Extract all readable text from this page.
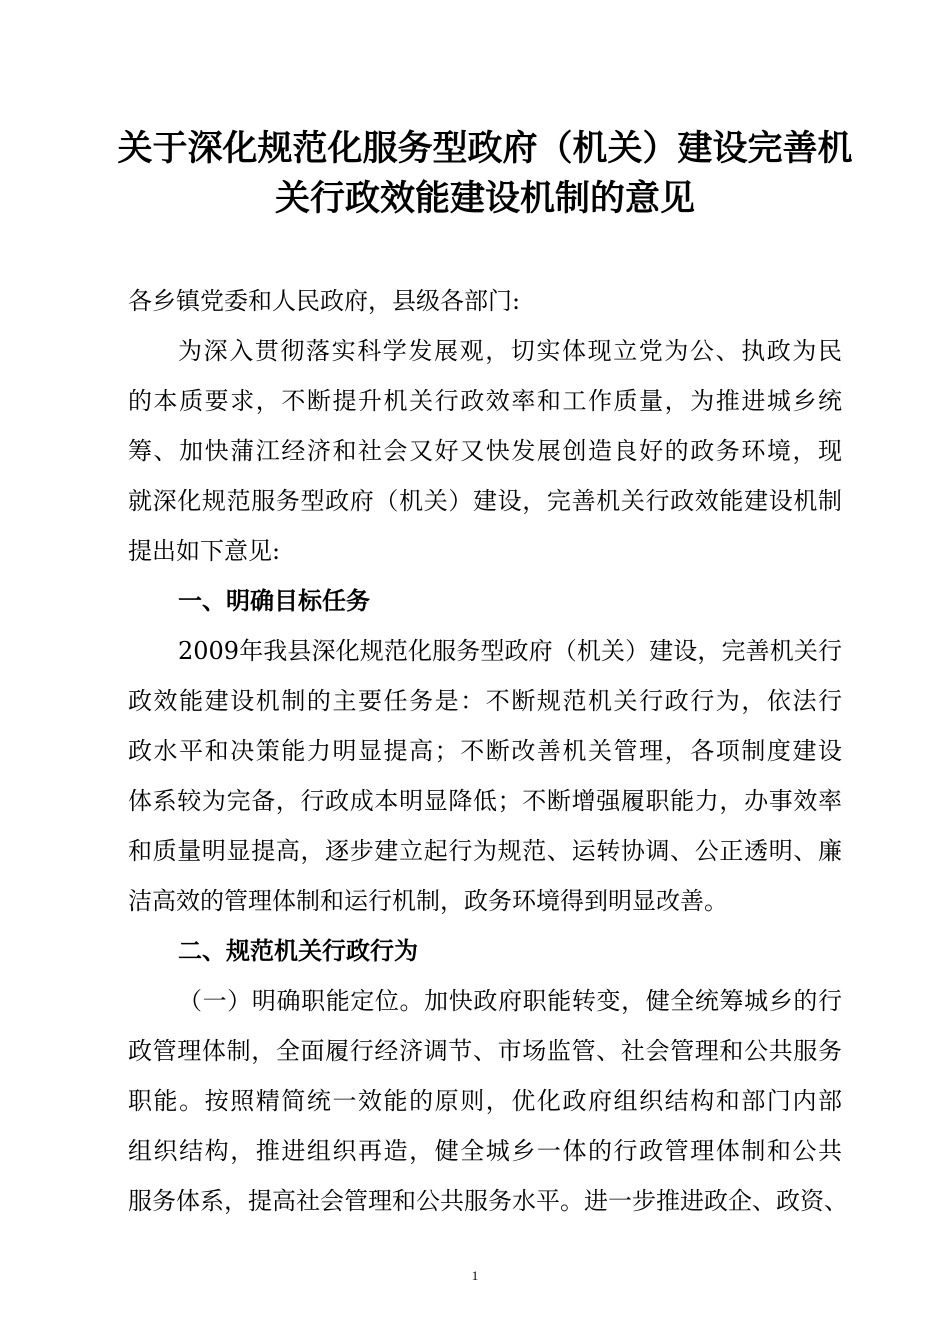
关于深化规范化服务型政府（机关）建设完善机
关行政效能建设机制的意见

各乡镇党委和人民政府，县级各部门:

为深入贯彻落实科学发展观，切实体现立党为公、执政为民

的本质要求，不断提升机关行政效率和工作质量，为推进城乡统

筹、加快蒲江经济和社会又好又快发展创造良好的政务环境，现

就深化规范服务型政府（机关）建设，完善机关行政效能建设机制

提出如下意见:

一、明确目标任务

2009年我县深化规范化服务型政府（机关）建设，完善机关行

政效能建设机制的主要任务是：不断规范机关行政行为，依法行

政水平和决策能力明显提高；不断改善机关管理，各项制度建设

体系较为完备，行政成本明显降低；不断增强履职能力，办事效率

和质量明显提高，逐步建立起行为规范、运转协调、公正透明、廉

洁高效的管理体制和运行机制，政务环境得到明显改善。

二、规范机关行政行为

（一）明确职能定位。加快政府职能转变，健全统筹城乡的行

政管理体制，全面履行经济调节、市场监管、社会管理和公共服务

职能。按照精简统一效能的原则，优化政府组织结构和部门内部

组织结构，推进组织再造，健全城乡一体的行政管理体制和公共

服务体系，提高社会管理和公共服务水平。进一步推进政企、政资、

1
